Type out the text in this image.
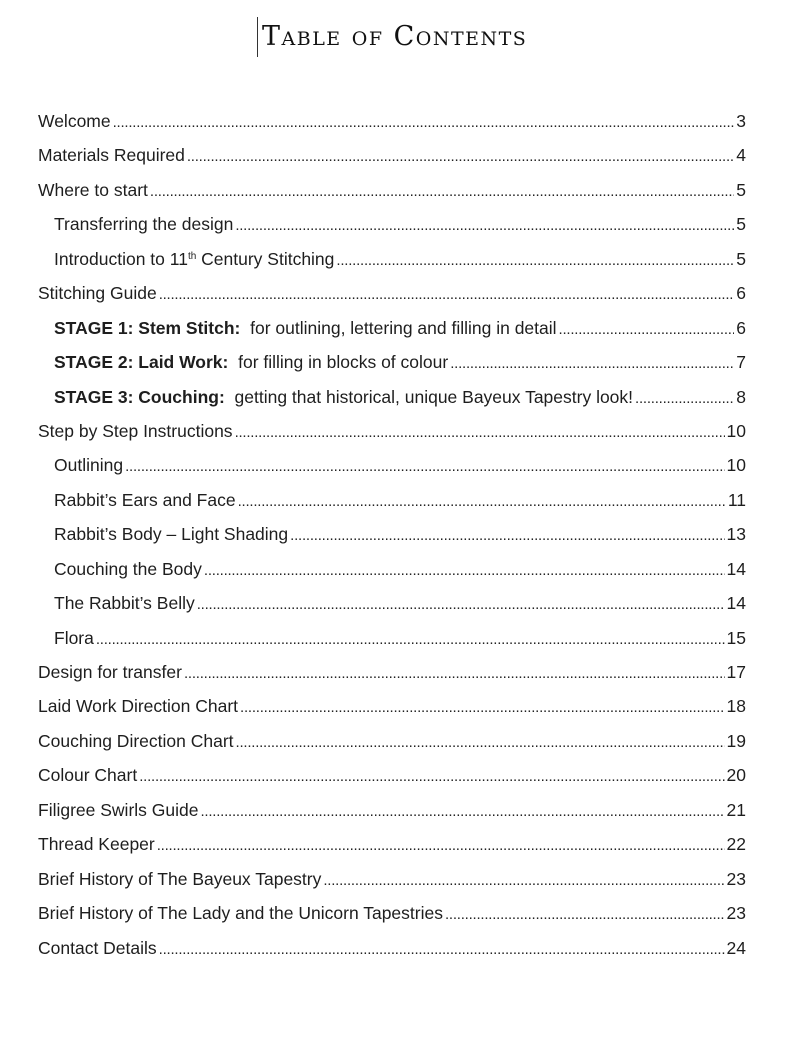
Table of Contents
Welcome . . .	3
Materials Required . . .	4
Where to start . . .	5
Transferring the design . . .	5
Introduction to 11th Century Stitching . . .	5
Stitching Guide . . .	6
STAGE 1: Stem Stitch:  for outlining, lettering and filling in detail . . .	6
STAGE 2: Laid Work:  for filling in blocks of colour . . .	7
STAGE 3: Couching:  getting that historical, unique Bayeux Tapestry look! . . .	8
Step by Step Instructions . . .	10
Outlining . . .	10
Rabbit’s Ears and Face . . .	11
Rabbit’s Body – Light Shading . . .	13
Couching the Body . . .	14
The Rabbit’s Belly . . .	14
Flora . . .	15
Design for transfer . . .	17
Laid Work Direction Chart . . .	18
Couching Direction Chart . . .	19
Colour Chart . . .	20
Filigree Swirls Guide . . .	21
Thread Keeper . . .	22
Brief History of The Bayeux Tapestry . . .	23
Brief History of The Lady and the Unicorn Tapestries . . .	23
Contact Details . . .	24
